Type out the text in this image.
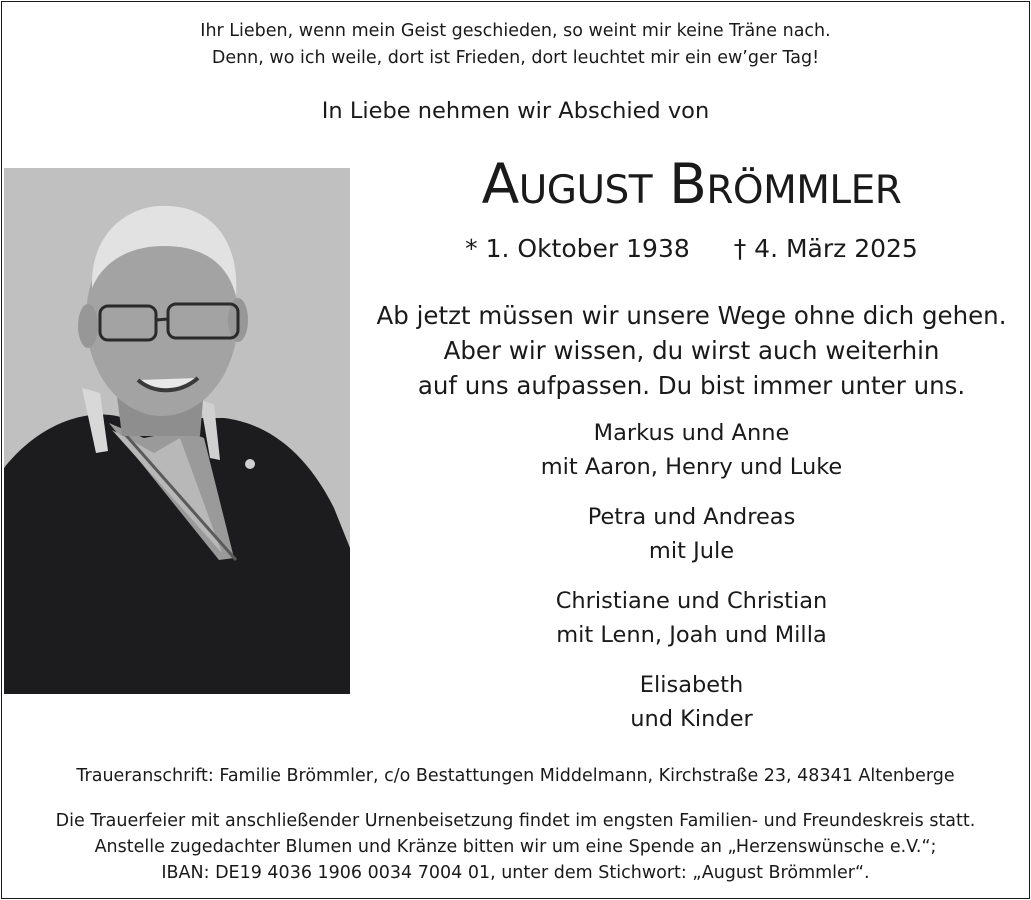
Ihr Lieben, wenn mein Geist geschieden, so weint mir keine Träne nach.
Denn, wo ich weile, dort ist Frieden, dort leuchtet mir ein ew’ger Tag!
In Liebe nehmen wir Abschied von
August Brömmler
* 1. Oktober 1938 † 4. März 2025
Ab jetzt müssen wir unsere Wege ohne dich gehen.
Aber wir wissen, du wirst auch weiterhin
auf uns aufpassen. Du bist immer unter uns.
Markus und Anne
mit Aaron, Henry und Luke
Petra und Andreas
mit Jule
Christiane und Christian
mit Lenn, Joah und Milla
Elisabeth
und Kinder
Traueranschrift: Familie Brömmler, c/o Bestattungen Middelmann, Kirchstraße 23, 48341 Altenberge
Die Trauerfeier mit anschließender Urnenbeisetzung findet im engsten Familien- und Freundeskreis statt.
Anstelle zugedachter Blumen und Kränze bitten wir um eine Spende an „Herzenswünsche e.V.“;
IBAN: DE19 4036 1906 0034 7004 01, unter dem Stichwort: „August Brömmler“.
